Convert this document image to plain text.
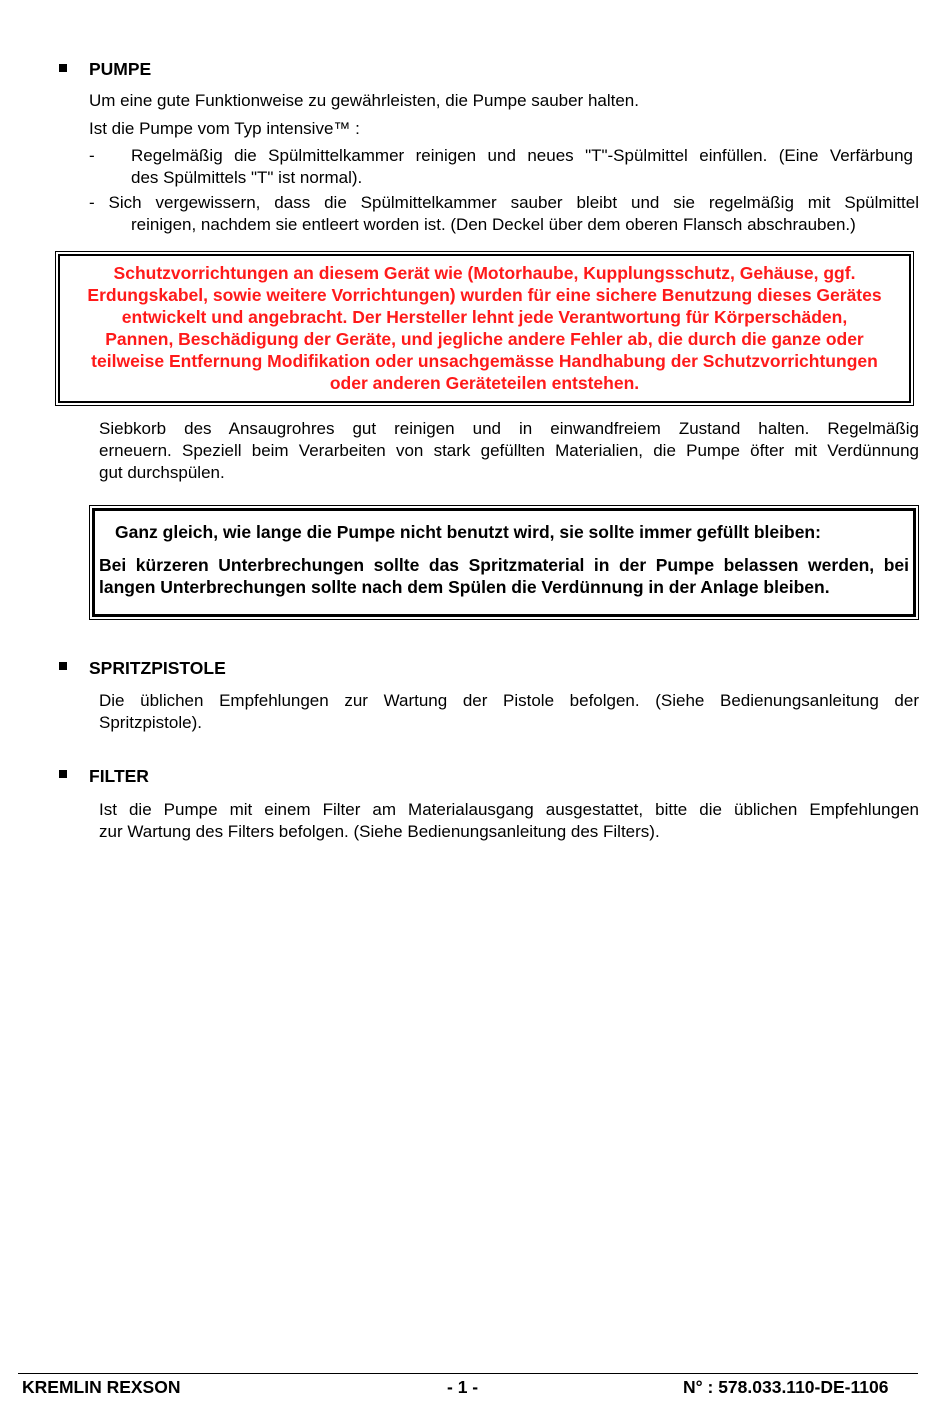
PUMPE
Um eine gute Funktionweise zu gewährleisten, die Pumpe sauber halten.
Ist die Pumpe vom Typ intensive™ :
- Regelmäßig die Spülmittelkammer reinigen und neues "T"-Spülmittel einfüllen. (Eine Verfärbung
des Spülmittels "T" ist normal).
- Sich vergewissern, dass die Spülmittelkammer sauber bleibt und sie regelmäßig mit Spülmittel
reinigen, nachdem sie entleert worden ist. (Den Deckel über dem oberen Flansch abschrauben.)
Schutzvorrichtungen an diesem Gerät wie (Motorhaube, Kupplungsschutz, Gehäuse, ggf.
Erdungskabel, sowie weitere Vorrichtungen) wurden für eine sichere Benutzung dieses Gerätes
entwickelt und angebracht. Der Hersteller lehnt jede Verantwortung für Körperschäden,
Pannen, Beschädigung der Geräte, und jegliche andere Fehler ab, die durch die ganze oder
teilweise Entfernung Modifikation oder unsachgemässe Handhabung der Schutzvorrichtungen
oder anderen Geräteteilen entstehen.
Siebkorb des Ansaugrohres gut reinigen und in einwandfreiem Zustand halten. Regelmäßig
erneuern. Speziell beim Verarbeiten von stark gefüllten Materialien, die Pumpe öfter mit Verdünnung
gut durchspülen.
Ganz gleich, wie lange die Pumpe nicht benutzt wird, sie sollte immer gefüllt bleiben:
Bei kürzeren Unterbrechungen sollte das Spritzmaterial in der Pumpe belassen werden, bei
langen Unterbrechungen sollte nach dem Spülen die Verdünnung in der Anlage bleiben.
SPRITZPISTOLE
Die üblichen Empfehlungen zur Wartung der Pistole befolgen. (Siehe Bedienungsanleitung der
Spritzpistole).
FILTER
Ist die Pumpe mit einem Filter am Materialausgang ausgestattet, bitte die üblichen Empfehlungen
zur Wartung des Filters befolgen. (Siehe Bedienungsanleitung des Filters).
KREMLIN REXSON	- 1 -	N° : 578.033.110-DE-1106
